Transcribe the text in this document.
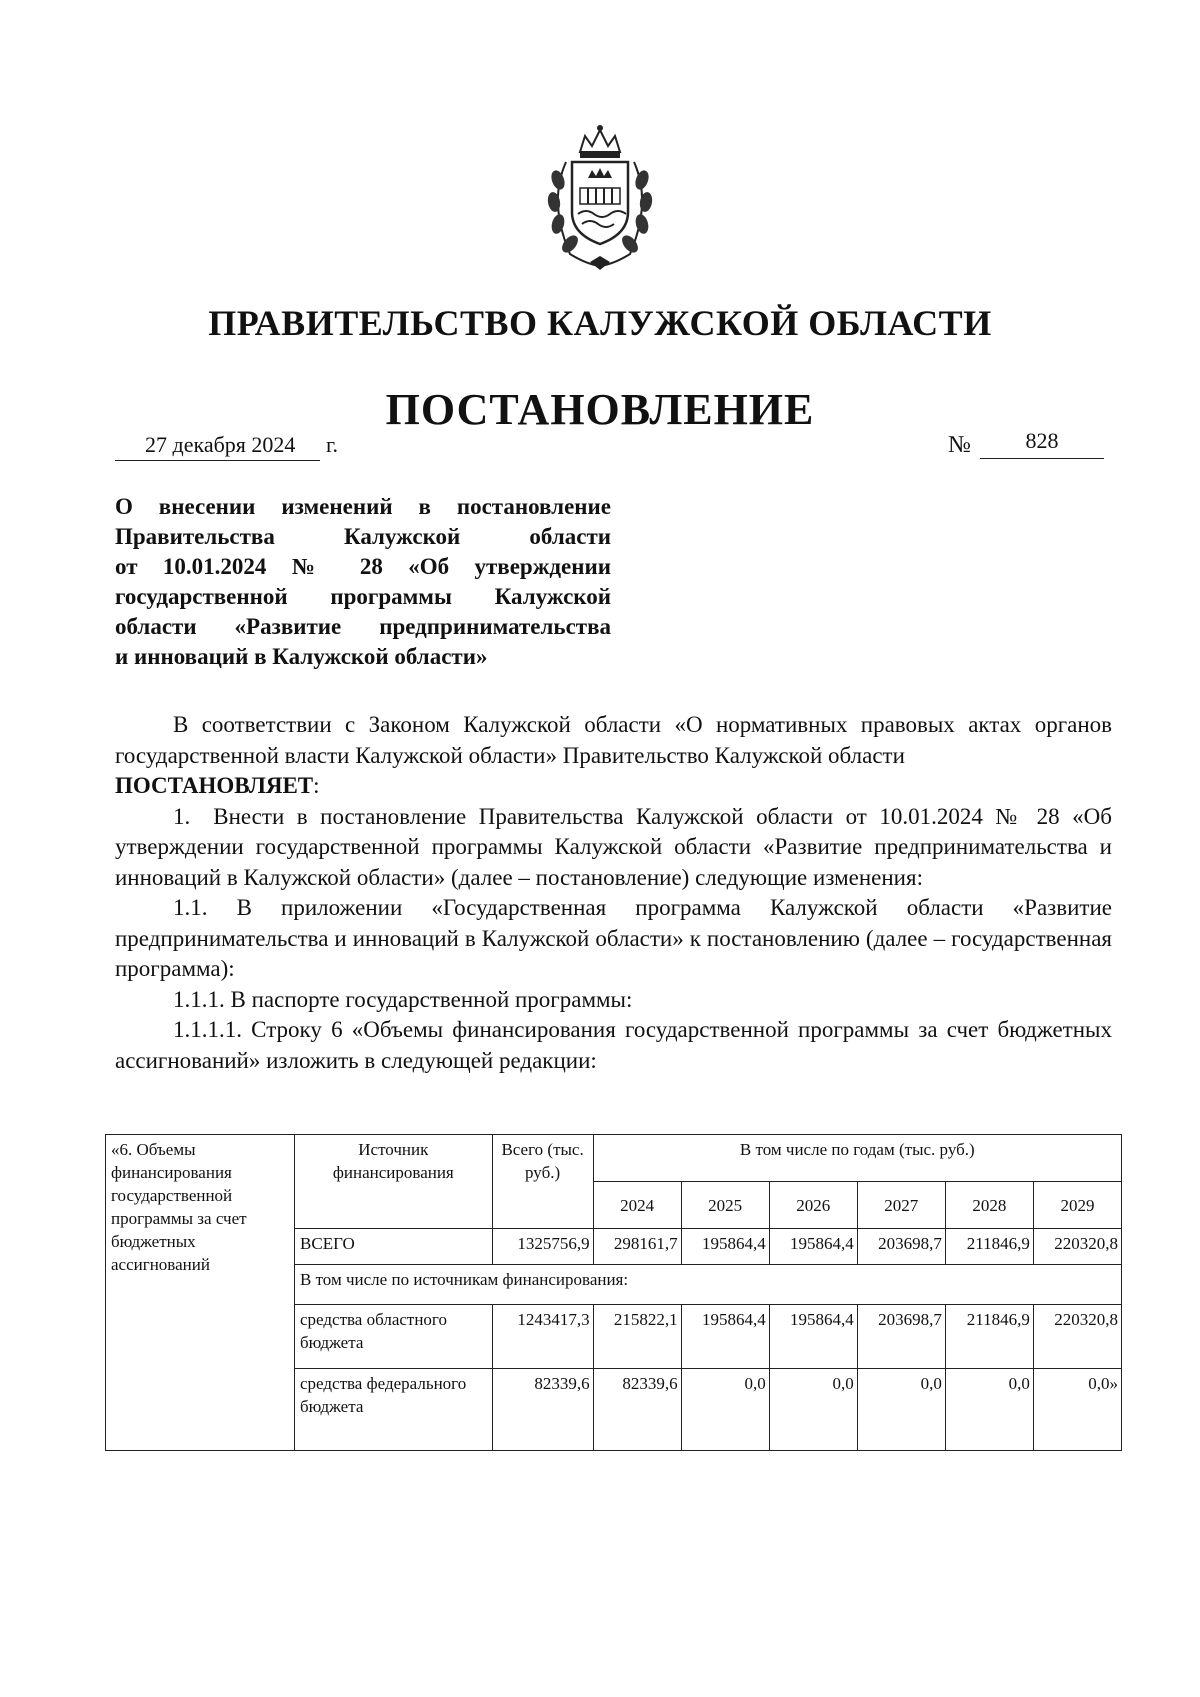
ПРАВИТЕЛЬСТВО КАЛУЖСКОЙ ОБЛАСТИ
ПОСТАНОВЛЕНИЕ
27 декабря 2024	г.	№	828
О внесении изменений в постановление
Правительства Калужской области
от 10.01.2024 № 28 «Об утверждении
государственной программы Калужской
области «Развитие предпринимательства
и инноваций в Калужской области»

В соответствии с Законом Калужской области «О нормативных правовых актах органов государственной власти Калужской области» Правительство Калужской области
ПОСТАНОВЛЯЕТ:

1. Внести в постановление Правительства Калужской области от 10.01.2024 № 28 «Об утверждении государственной программы Калужской области «Развитие предпринимательства и инноваций в Калужской области» (далее – постановление) следующие изменения:

1.1. В приложении «Государственная программа Калужской области «Развитие предпринимательства и инноваций в Калужской области» к постановлению (далее – государственная программа):

1.1.1. В паспорте государственной программы:

1.1.1.1. Строку 6 «Объемы финансирования государственной программы за счет бюджетных ассигнований» изложить в следующей редакции:

«6. Объемы финансирования государственной программы за счет бюджетных ассигнований	Источник финансирования	Всего (тыс. руб.)	В том числе по годам (тыс. руб.)					
			2024	2025	2026	2027	2028	2029
	ВСЕГО	1325756,9	298161,7	195864,4	195864,4	203698,7	211846,9	220320,8
	В том числе по источникам финансирования:							
	средства областного бюджета	1243417,3	215822,1	195864,4	195864,4	203698,7	211846,9	220320,8
	средства федерального бюджета	82339,6	82339,6	0,0	0,0	0,0	0,0	0,0»
